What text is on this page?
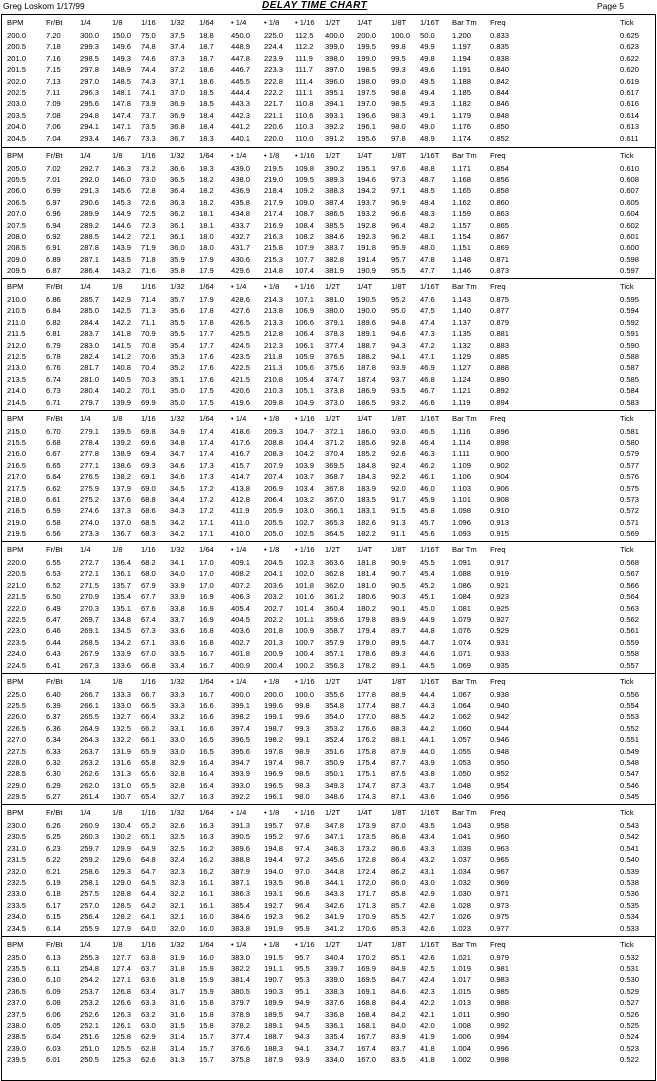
Greg Loskom 1/17/99	DELAY TIME CHART	Page 5
BPM	Fr/Bt 1/4	1/8 1/16 1/32 1/64 • 1/4 • 1/8 • 1/16 1/2T 1/4T 1/8T 1/16T Bar Tm Freq	Tick
200.0	7.20	300.0 150.0 75.0 37.5 18.8 450.0 225.0 112.5 400.0 200.0 100.0 50.0 1.200 0.833	0.625
200.5	7.18	299.3 149.6 74.8 37.4 18.7 448.9 224.4 112.2 399.0 199.5 99.8 49.9 1.197 0.835	0.623
201.0	7.16	298.5 149.3 74.6 37.3 18.7 447.8 223.9 111.9 398.0 199.0 99.5 49.8 1.194 0.838	0.622
201.5	7.15	297.8 148.9 74.4 37.2 18.6 446.7 223.3 111.7 397.0 198.5 99.3 49.6 1.191 0.840	0.620
202.0	7.13	297.0 148.5 74.3 37.1 18.6 445.5 222.8 111.4 396.0 198.0 99.0 49.5 1.188 0.842	0.619
202.5	7.11	296.3 148.1 74.1 37.0 18.5 444.4 222.2 111.1 395.1 197.5 98.8 49.4 1.185 0.844	0.617
203.0	7.09	295.6 147.8 73.9 36.9 18.5 443.3 221.7 110.8 394.1 197.0 98.5 49.3 1.182 0.846	0.616
203.5	7.08	294.8 147.4 73.7 36.9 18.4 442.3 221.1 110.6 393.1 196.6 98.3 49.1 1.179 0.848	0.614
204.0	7.06	294.1 147.1 73.5 36.8 18.4 441.2 220.6 110.3 392.2 196.1 98.0 49.0 1.176 0.850	0.613
204.5	7.04	293.4 146.7 73.3 36.7 18.3 440.1 220.0 110.0 391.2 195.6 97.8 48.9 1.174 0.852	0.611
BPM	Fr/Bt 1/4	1/8 1/16 1/32 1/64 • 1/4 • 1/8 • 1/16 1/2T 1/4T 1/8T 1/16T Bar Tm Freq	Tick
205.0	7.02	292.7 146.3 73.2 36.6 18.3 439.0 219.5 109.8 390.2 195.1 97.6 48.8 1.171 0.854	0.610
205.5	7.01	292.0 146.0 73.0 36.5 18.2 438.0 219.0 109.5 389.3 194.6 97.3 48.7 1.168 0.856	0.608
206.0	6.99	291.3 145.6 72.8 36.4 18.2 436.9 218.4 109.2 388.3 194.2 97.1 48.5 1.165 0.858	0.607
206.5	6.97	290.6 145.3 72.6 36.3 18.2 435.8 217.9 109.0 387.4 193.7 96.9 48.4 1.162 0.860	0.605
207.0	6.96	289.9 144.9 72.5 36.2 18.1 434.8 217.4 108.7 386.5 193.2 96.6 48.3 1.159 0.863	0.604
207.5	6.94	289.2 144.6 72.3 36.1 18.1 433.7 216.9 108.4 385.5 192.8 96.4 48.2 1.157 0.865	0.602
208.0	6.92	288.5 144.2 72.1 36.1 18.0 432.7 216.3 108.2 384.6 192.3 96.2 48.1 1.154 0.867	0.601
208.5	6.91	287.8 143.9 71.9 36.0 18.0 431.7 215.8 107.9 383.7 191.8 95.9 48.0 1.151 0.869	0.600
209.0	6.89	287.1 143.5 71.8 35.9 17.9 430.6 215.3 107.7 382.8 191.4 95.7 47.8 1.148 0.871	0.598
209.5	6.87	286.4 143.2 71.6 35.8 17.9 429.6 214.8 107.4 381.9 190.9 95.5 47.7 1.146 0.873	0.597
BPM	Fr/Bt 1/4	1/8 1/16 1/32 1/64 • 1/4 • 1/8 • 1/16 1/2T 1/4T 1/8T 1/16T Bar Tm Freq	Tick
210.0	6.86	285.7 142.9 71.4 35.7 17.9 428.6 214.3 107.1 381.0 190.5 95.2 47.6 1.143 0.875	0.595
210.5	6.84	285.0 142.5 71.3 35.6 17.8 427.6 213.8 106.9 380.0 190.0 95.0 47.5 1.140 0.877	0.594
211.0	6.82	284.4 142.2 71.1 35.5 17.8 426.5 213.3 106.6 379.1 189.6 94.8 47.4 1.137 0.879	0.592
211.5	6.81	283.7 141.8 70.9 35.5 17.7 425.5 212.8 106.4 378.3 189.1 94.6 47.3 1.135 0.881	0.591
212.0	6.79	283.0 141.5 70.8 35.4 17.7 424.5 212.3 106.1 377.4 188.7 94.3 47.2 1.132 0.883	0.590
212.5	6.78	282.4 141.2 70.6 35.3 17.6 423.5 211.8 105.9 376.5 188.2 94.1 47.1 1.129 0.885	0.588
213.0	6.76	281.7 140.8 70.4 35.2 17.6 422.5 211.3 105.6 375.6 187.8 93.9 46.9 1.127 0.888	0.587
213.5	6.74	281.0 140.5 70.3 35.1 17.6 421.5 210.8 105.4 374.7 187.4 93.7 46.8 1.124 0.890	0.585
214.0	6.73	280.4 140.2 70.1 35.0 17.5 420.6 210.3 105.1 373.8 186.9 93.5 46.7 1.121 0.892	0.584
214.5	6.71	279.7 139.9 69.9 35.0 17.5 419.6 209.8 104.9 373.0 186.5 93.2 46.6 1.119	0.894	0.583
BPM	Fr/Bt 1/4	1/8 1/16 1/32 1/64 • 1/4 • 1/8 • 1/16 1/2T 1/4T 1/8T 1/16T Bar Tm Freq	Tick
215.0	6.70	279.1 139.5 69.8 34.9 17.4 418.6 209.3 104.7 372.1 186.0 93.0 46.5 1.116	0.896	0.581
215.5	6.68	278.4 139.2 69.6 34.8 17.4 417.6 208.8 104.4 371.2 185.6 92.8 46.4 1.114	0.898	0.580
216.0	6.67	277.8 138.9 69.4 34.7 17.4 416.7 208.3 104.2 370.4 185.2 92.6 46.3 1.111	0.900	0.579
216.5	6.65	277.1 138.6 69.3 34.6 17.3 415.7 207.9 103.9 369.5 184.8 92.4 46.2 1.109 0.902	0.577
217.0	6.64	276.5 138.2 69.1 34.6 17.3 414.7 207.4 103.7 368.7 184.3 92.2 46.1 1.106 0.904	0.576
217.5	6.62	275.9 137.9 69.0 34.5 17.2 413.8 206.9 103.4 367.8 183.9 92.0 46.0 1.103 0.906	0.575
218.0	6.61	275.2 137.6 68.8 34.4 17.2 412.8 206.4 103.2 367.0 183.5 91.7 45.9 1.101 0.908	0.573
218.5	6.59	274.6 137.3 68.6 34.3 17.2 411.9 205.9 103.0 366.1 183.1 91.5 45.8 1.098 0.910	0.572
219.0	6.58	274.0 137.0 68.5 34.2 17.1 411.0 205.5 102.7 365.3 182.6 91.3 45.7 1.096 0.913	0.571
219.5	6.56	273.3 136.7 68.3 34.2 17.1 410.0 205.0 102.5 364.5 182.2 91.1 45.6 1.093 0.915	0.569
BPM	Fr/Bt 1/4	1/8 1/16 1/32 1/64 • 1/4 • 1/8 • 1/16 1/2T 1/4T 1/8T 1/16T Bar Tm Freq	Tick
220.0	6.55	272.7 136.4 68.2 34.1 17.0 409.1 204.5 102.3 363.6 181.8 90.9 45.5 1.091 0.917	0.568
220.5	6.53	272.1 136.1 68.0 34.0 17.0 408.2 204.1 102.0 362.8 181.4 90.7 45.4 1.088 0.919	0.567
221.0	6.52	271.5 135.7 67.9 33.9 17.0 407.2 203.6 101.8 362.0 181.0 90.5 45.2 1.086 0.921	0.566
221.5	6.50	270.9 135.4 67.7 33.9 16.9 406.3 203.2 101.6 361.2 180.6 90.3 45.1 1.084 0.923	0.564
222.0	6.49	270.3 135.1 67.6 33.8 16.9 405.4 202.7 101.4 360.4 180.2 90.1 45.0 1.081 0.925	0.563
222.5	6.47	269.7 134.8 67.4 33.7 16.9 404.5 202.2 101.1 359.6 179.8 89.9 44.9 1.079 0.927	0.562
223.0	6.46	269.1 134.5 67.3 33.6 16.8 403.6 201.8 100.9 358.7 179.4 89.7 44.8 1.076 0.929	0.561
223.5	6.44	268.5 134.2 67.1 33.6 16.8 402.7 201.3 100.7 357.9 179.0 89.5 44.7 1.074 0.931	0.559
224.0	6.43	267.9 133.9 67.0 33.5 16.7 401.8 200.9 100.4 357.1 178.6 89.3 44.6 1.071 0.933	0.558
224.5	6.41	267.3 133.6 66.8 33.4 16.7 400.9 200.4 100.2 356.3 178.2 89.1 44.5 1.069 0.935	0.557
BPM	Fr/Bt 1/4	1/8 1/16 1/32 1/64 • 1/4 • 1/8 • 1/16 1/2T 1/4T 1/8T 1/16T Bar Tm Freq	Tick
225.0	6.40	266.7 133.3 66.7 33.3 16.7 400.0 200.0 100.0 355.6 177.8 88.9 44.4 1.067 0.938	0.556
225.5	6.39	266.1 133.0 66.5 33.3 16.6 399.1 199.6 99.8 354.8 177.4 88.7 44.3 1.064 0.940	0.554
226.0	6.37	265.5 132.7 66.4 33.2 16.6 398.2 199.1 99.6 354.0 177.0 88.5 44.2 1.062 0.942	0.553
226.5	6.36	264.9 132.5 66.2 33.1 16.6 397.4 198.7 99.3 353.2 176.6 88.3 44.2 1.060 0.944	0.552
227.0	6.34	264.3 132.2 66.1 33.0 16.5 396.5 198.2 99.1 352.4 176.2 88.1 44.1 1.057 0.946	0.551
227.5	6.33	263.7 131.9 65.9 33.0 16.5 395.6 197.8 98.9 351.6 175.8 87.9 44.0 1.055 0.948	0.549
228.0	6.32	263.2 131.6 65.8 32.9 16.4 394.7 197.4 98.7 350.9 175.4 87.7 43.9 1.053 0.950	0.548
228.5	6.30	262.6 131.3 65.6 32.8 16.4 393.9 196.9 98.5 350.1 175.1 87.5 43.8 1.050 0.952	0.547
229.0	6.29	262.0 131.0 65.5 32.8 16.4 393.0 196.5 98.3 349.3 174.7 87.3 43.7 1.048 0.954	0.546
229.5	6.27	261.4 130.7 65.4 32.7 16.3 392.2 196.1 98.0 348.6 174.3 87.1 43.6 1.046 0.956	0.545
BPM	Fr/Bt 1/4	1/8 1/16 1/32 1/64 • 1/4 • 1/8 • 1/16 1/2T 1/4T 1/8T 1/16T Bar Tm Freq	Tick
230.0	6.26	260.9 130.4 65.2 32.6 16.3 391.3 195.7 97.8 347.8 173.9 87.0 43.5 1.043 0.958	0.543
230.5	6.25	260.3 130.2 65.1 32.5 16.3 390.5 195.2 97.6 347.1 173.5 86.8 43.4 1.041 0.960	0.542
231.0	6.23	259.7 129.9 64.9 32.5 16.2 389.6 194.8 97.4 346.3 173.2 86.6 43.3 1.039 0.963	0.541
231.5	6.22	259.2 129.6 64.8 32.4 16.2 388.8 194.4 97.2 345.6 172.8 86.4 43.2 1.037 0.965	0.540
232.0	6.21	258.6 129.3 64.7 32.3 16.2 387.9 194.0 97.0 344.8 172.4 86.2 43.1 1.034 0.967	0.539
232.5	6.19	258.1 129.0 64.5 32.3 16.1 387.1 193.5 96.8 344.1 172.0 86.0 43.0 1.032 0.969	0.538
233.0	6.18	257.5 128.8 64.4 32.2 16.1 386.3 193.1 96.6 343.3 171.7 85.8 42.9 1.030 0.971	0.536
233.5	6.17	257.0 128.5 64.2 32.1 16.1 385.4 192.7 96.4 342.6 171.3 85.7 42.8 1.028 0.973	0.535
234.0	6.15	256.4 128.2 64.1 32.1 16.0 384.6 192.3 96.2 341.9 170.9 85.5 42.7 1.026 0.975	0.534
234.5	6.14	255.9 127.9 64.0 32.0 16.0 383.8 191.9 95.9 341.2 170.6 85.3 42.6 1.023 0.977	0.533
BPM	Fr/Bt 1/4	1/8 1/16 1/32 1/64 • 1/4 • 1/8 • 1/16 1/2T 1/4T 1/8T 1/16T Bar Tm Freq	Tick
235.0	6.13	255.3 127.7 63.8 31.9 16.0 383.0 191.5 95.7 340.4 170.2 85.1 42.6 1.021 0.979	0.532
235.5	6.11	254.8 127.4 63.7 31.8 15.9 382.2 191.1 95.5 339.7 169.9 84.9 42.5 1.019 0.981	0.531
236.0	6.10	254.2 127.1 63.6 31.8 15.9 381.4 190.7 95.3 339.0 169.5 84.7 42.4 1.017 0.983	0.530
236.5	6.09	253.7 126.8 63.4 31.7 15.9 380.5 190.3 95.1 338.3 169.1 84.6 42.3 1.015 0.985	0.529
237.0	6.08	253.2 126.6 63.3 31.6 15.8 379.7 189.9 94.9 337.6 168.8 84.4 42.2 1.013 0.988	0.527
237.5	6.06	252.6 126.3 63.2 31.6 15.8 378.9 189.5 94.7 336.8 168.4 84.2 42.1 1.011	0.990	0.526
238.0	6.05	252.1 126.1 63.0 31.5 15.8 378.2 189.1 94.5 336.1 168.1 84.0 42.0 1.008 0.992	0.525
238.5	6.04	251.6 125.8 62.9 31.4 15.7 377.4 188.7 94.3 335.4 167.7 83.9 41.9 1.006 0.994	0.524
239.0	6.03	251.0 125.5 62.8 31.4 15.7 376.6 188.3 94.1 334.7 167.4 83.7 41.8 1.004 0.996	0.523
239.5	6.01	250.5 125.3 62.6 31.3 15.7 375.8 187.9 93.9 334.0 167.0 83.5 41.8 1.002 0.998	0.522
